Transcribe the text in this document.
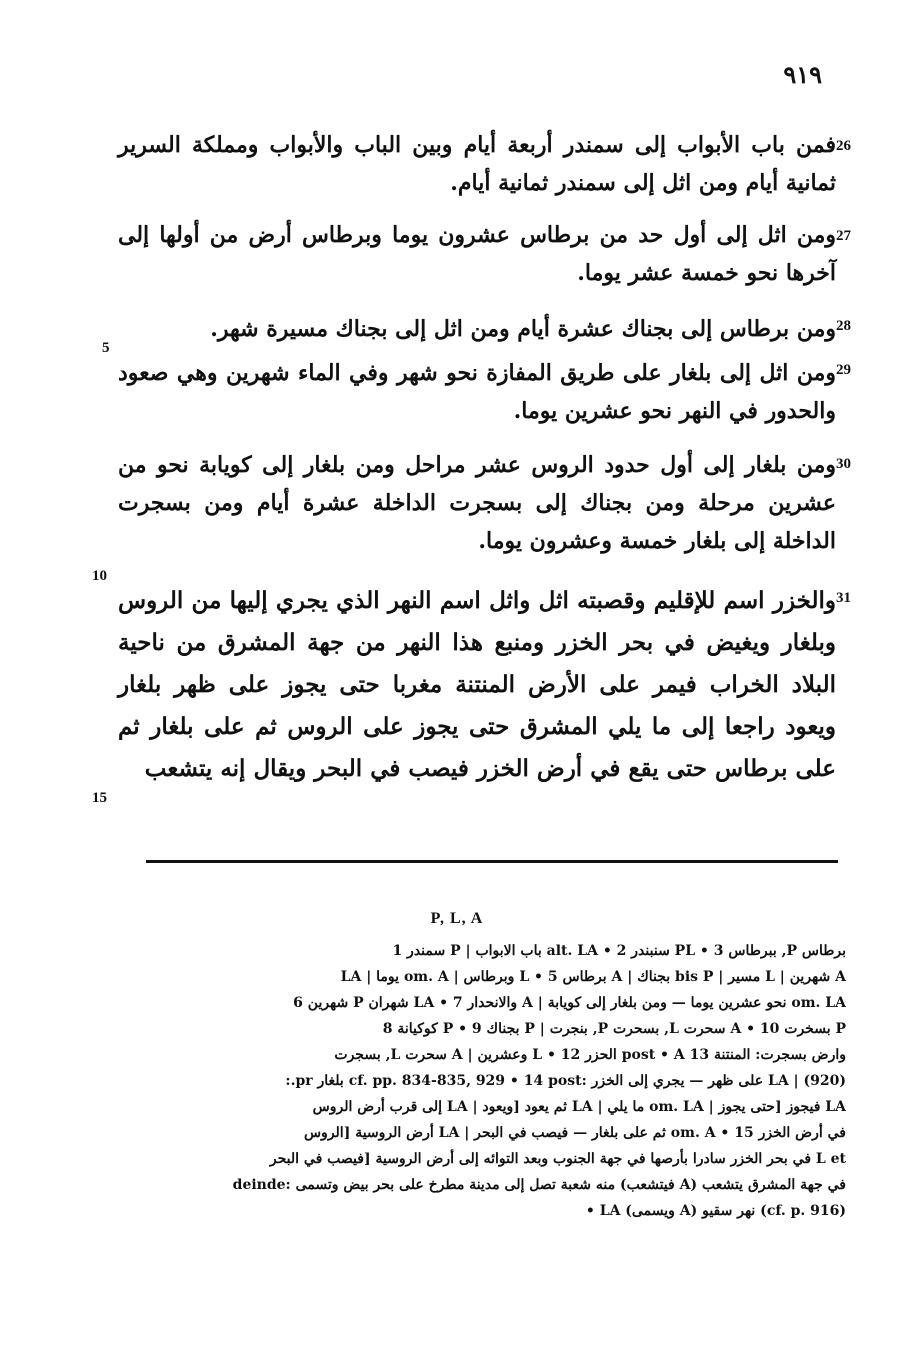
٩١٩
26
فمن باب الأبواب إلى سمندر أربعة أيام وبين الباب والأبواب ومملكة السرير ثمانية أيام ومن اثل إلى سمندر ثمانية أيام.
27
ومن اثل إلى أول حد من برطاس عشرون يوما وبرطاس أرض من أولها إلى آخرها نحو خمسة عشر يوما.
28
ومن برطاس إلى بجناك عشرة أيام ومن اثل إلى بجناك مسيرة شهر.
29
ومن اثل إلى بلغار على طريق المفازة نحو شهر وفي الماء شهرين وهي صعود والحدور في النهر نحو عشرين يوما.
30
ومن بلغار إلى أول حدود الروس عشر مراحل ومن بلغار إلى كويابة نحو من عشرين مرحلة ومن بجناك إلى بسجرت الداخلة عشرة أيام ومن بسجرت الداخلة إلى بلغار خمسة وعشرون يوما.
31
والخزر اسم للإقليم وقصبته اثل واثل اسم النهر الذي يجري إليها من الروس وبلغار ويغيض في بحر الخزر ومنبع هذا النهر من جهة المشرق من ناحية البلاد الخراب فيمر على الأرض المنتنة مغربا حتى يجوز على ظهر بلغار ويعود راجعا إلى ما يلي المشرق حتى يجوز على الروس ثم على بلغار ثم على برطاس حتى يقع في أرض الخزر فيصب في البحر ويقال إنه يتشعب
5
10
15
P, L, A
برطاس P, ببرطاس 3 • PL سنبندر 2 • alt. LA باب الابواب | P سمندر 1
A شهرين | L مسير | bis P بجناك | A برطاس 5 • L وبرطاس | om. A يوما | LA
om. LA نحو عشرين يوما — ومن بلغار إلى كويابة | A والانحدار 7 • LA شهران P شهرين 6
P بسخرت 10 • A سحرت L, بسحرت P, بنجرت | P بجناك 9 • P كوكيانة 8
وارض بسجرت: المنتنة 13 post • A الحزر 12 • L وعشرين | A سحرت L, بسجرت
LA | (920) على ظهر — يجري إلى الخزر :cf. pp. 834-835, 929 • 14 post بلغار pr.:
LA فيجوز [حتى يجوز | om. LA ما يلي | LA ثم يعود [ويعود | LA إلى قرب أرض الروس
في أرض الخزر 15 • om. A ثم على بلغار — فيصب في البحر | LA أرض الروسية [الروس
L et في بحر الخزر سادرا بأرصها في جهة الجنوب وبعد التوائه إلى أرض الروسية [فيصب في البحر
في جهة المشرق يتشعب (A فيتشعب) منه شعبة تصل إلى مدينة مطرخ على بحر بيض وتسمى :deinde
(cf. p. 916) نهر سقيو (A ويسمى) LA •
